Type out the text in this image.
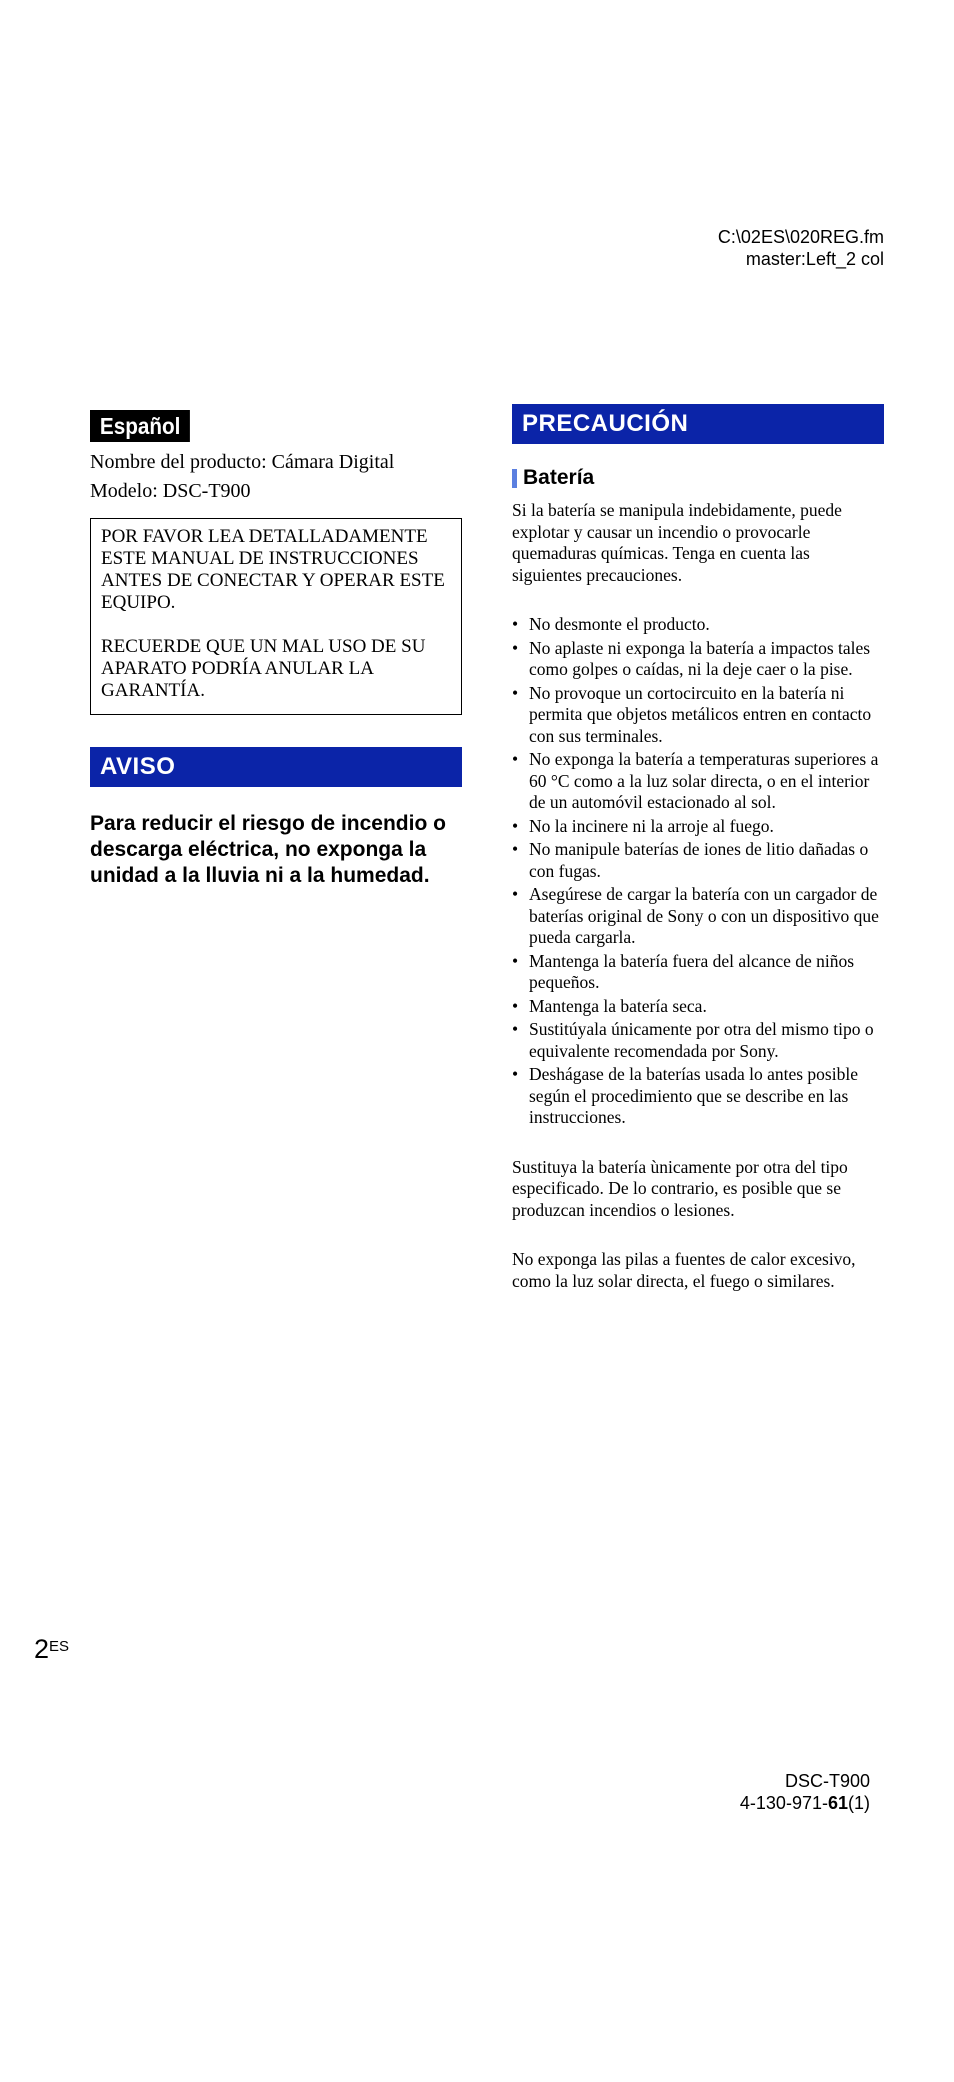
C:\02ES\020REG.fm
master:Left_2 col
Español
Nombre del producto: Cámara Digital
Modelo: DSC-T900

POR FAVOR LEA DETALLADAMENTE ESTE MANUAL DE INSTRUCCIONES ANTES DE CONECTAR Y OPERAR ESTE EQUIPO.

RECUERDE QUE UN MAL USO DE SU APARATO PODRÍA ANULAR LA GARANTÍA.

AVISO
Para reducir el riesgo de incendio o descarga eléctrica, no exponga la unidad a la lluvia ni a la humedad.
PRECAUCIÓN
Batería

Si la batería se manipula indebidamente, puede explotar y causar un incendio o provocarle quemaduras químicas. Tenga en cuenta las siguientes precauciones.

• No desmonte el producto.
• No aplaste ni exponga la batería a impactos tales como golpes o caídas, ni la deje caer o la pise.
• No provoque un cortocircuito en la batería ni permita que objetos metálicos entren en contacto con sus terminales.
• No exponga la batería a temperaturas superiores a 60 °C como a la luz solar directa, o en el interior de un automóvil estacionado al sol.
• No la incinere ni la arroje al fuego.
• No manipule baterías de iones de litio dañadas o con fugas.
• Asegúrese de cargar la batería con un cargador de baterías original de Sony o con un dispositivo que pueda cargarla.
• Mantenga la batería fuera del alcance de niños pequeños.
• Mantenga la batería seca.
• Sustitúyala únicamente por otra del mismo tipo o equivalente recomendada por Sony.
• Deshágase de la baterías usada lo antes posible según el procedimiento que se describe en las instrucciones.

Sustituya la batería ùnicamente por otra del tipo especificado. De lo contrario, es posible que se produzcan incendios o lesiones.

No exponga las pilas a fuentes de calor excesivo, como la luz solar directa, el fuego o similares.

$2^{ES}$
DSC-T900
4-130-971-61(1)
